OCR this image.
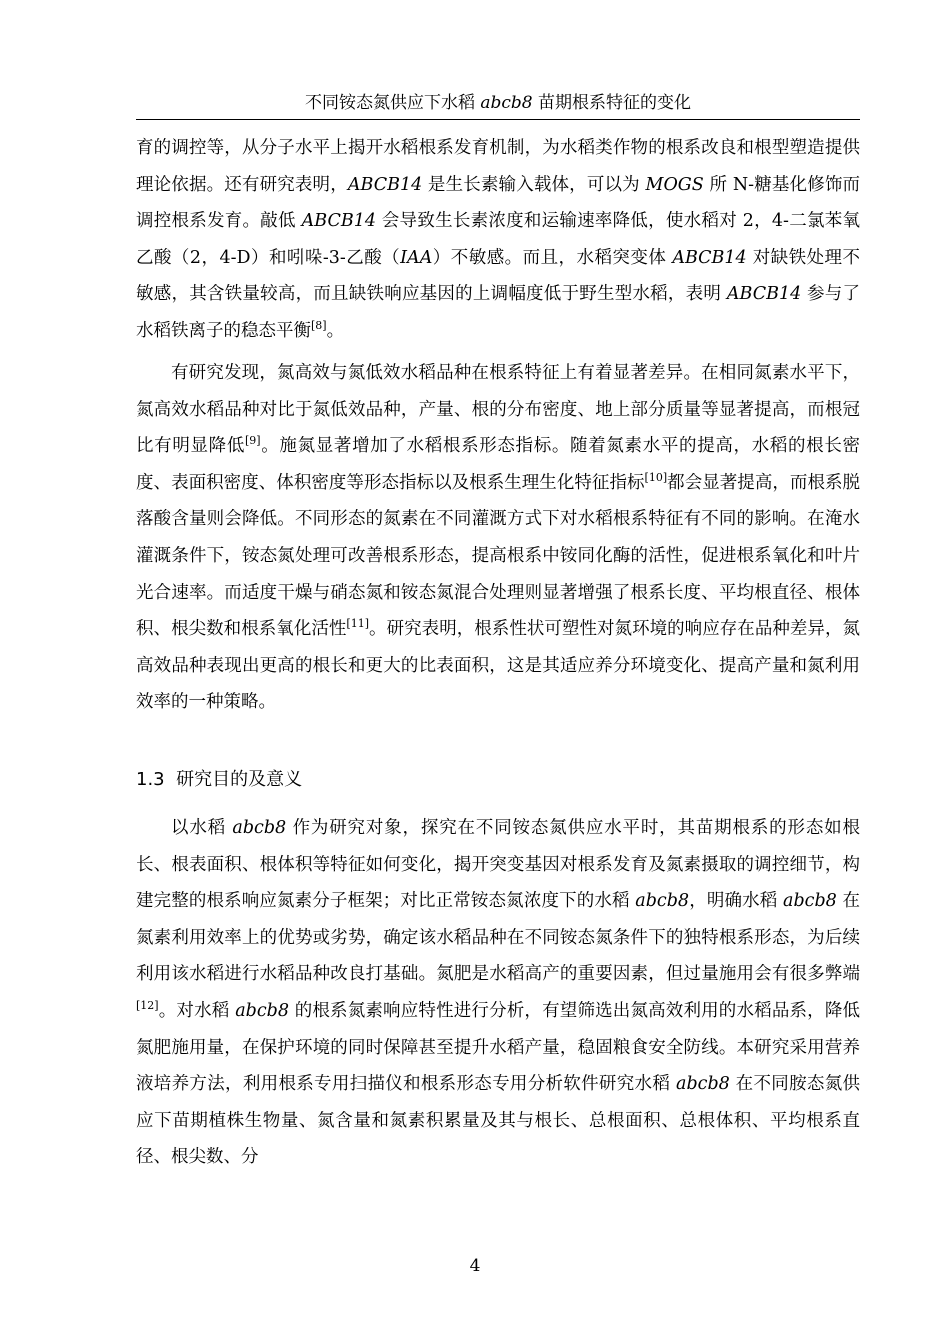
不同铵态氮供应下水稻 abcb8 苗期根系特征的变化

育的调控等，从分子水平上揭开水稻根系发育机制，为水稻类作物的根系改良和根型塑造提供理论依据。还有研究表明，ABCB14 是生长素输入载体，可以为 MOGS 所 N-糖基化修饰而调控根系发育。敲低 ABCB14 会导致生长素浓度和运输速率降低，使水稻对 2，4-二氯苯氧乙酸（2，4-D）和吲哚-3-乙酸（IAA）不敏感。而且，水稻突变体 ABCB14 对缺铁处理不敏感，其含铁量较高，而且缺铁响应基因的上调幅度低于野生型水稻，表明 ABCB14 参与了水稻铁离子的稳态平衡[8]。

有研究发现，氮高效与氮低效水稻品种在根系特征上有着显著差异。在相同氮素水平下，氮高效水稻品种对比于氮低效品种，产量、根的分布密度、地上部分质量等显著提高，而根冠比有明显降低[9]。施氮显著增加了水稻根系形态指标。随着氮素水平的提高，水稻的根长密度、表面积密度、体积密度等形态指标以及根系生理生化特征指标[10]都会显著提高，而根系脱落酸含量则会降低。不同形态的氮素在不同灌溉方式下对水稻根系特征有不同的影响。在淹水灌溉条件下，铵态氮处理可改善根系形态，提高根系中铵同化酶的活性，促进根系氧化和叶片光合速率。而适度干燥与硝态氮和铵态氮混合处理则显著增强了根系长度、平均根直径、根体积、根尖数和根系氧化活性[11]。研究表明，根系性状可塑性对氮环境的响应存在品种差异，氮高效品种表现出更高的根长和更大的比表面积，这是其适应养分环境变化、提高产量和氮利用效率的一种策略。

1.3 研究目的及意义

以水稻 abcb8 作为研究对象，探究在不同铵态氮供应水平时，其苗期根系的形态如根长、根表面积、根体积等特征如何变化，揭开突变基因对根系发育及氮素摄取的调控细节，构建完整的根系响应氮素分子框架；对比正常铵态氮浓度下的水稻 abcb8，明确水稻 abcb8 在氮素利用效率上的优势或劣势，确定该水稻品种在不同铵态氮条件下的独特根系形态，为后续利用该水稻进行水稻品种改良打基础。氮肥是水稻高产的重要因素，但过量施用会有很多弊端[12]。对水稻 abcb8 的根系氮素响应特性进行分析，有望筛选出氮高效利用的水稻品系，降低氮肥施用量，在保护环境的同时保障甚至提升水稻产量，稳固粮食安全防线。本研究采用营养液培养方法，利用根系专用扫描仪和根系形态专用分析软件研究水稻 abcb8 在不同胺态氮供应下苗期植株生物量、氮含量和氮素积累量及其与根长、总根面积、总根体积、平均根系直径、根尖数、分

4
